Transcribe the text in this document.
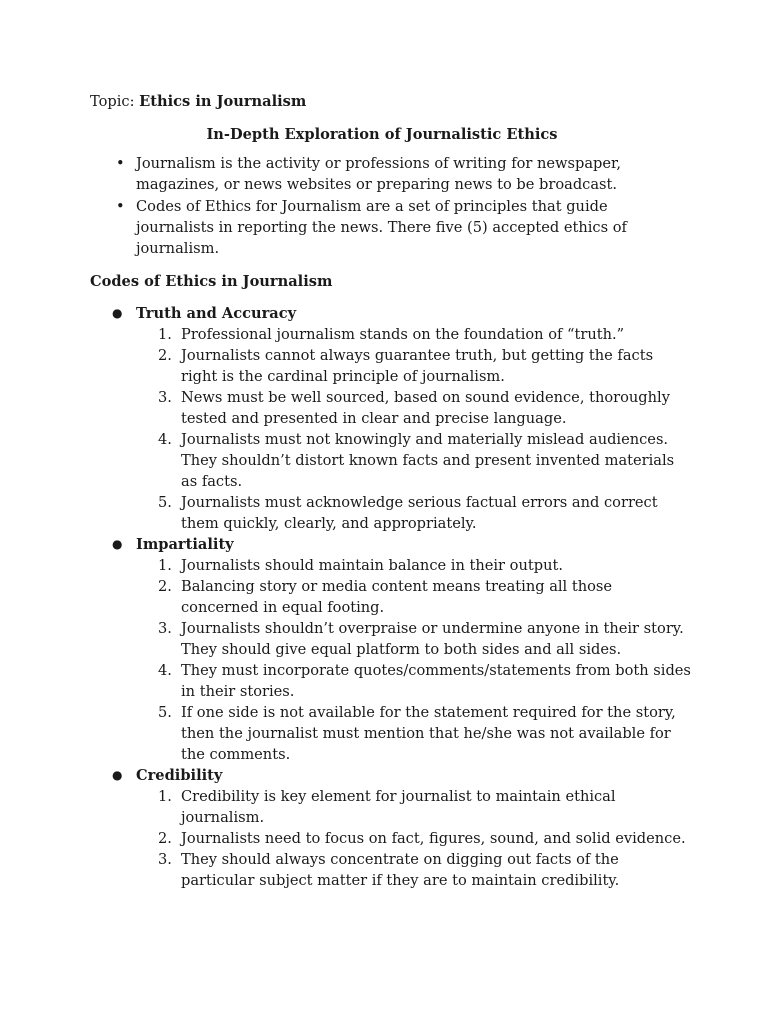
Topic: Ethics in Journalism

In-Depth Exploration of Journalistic Ethics
• Journalism is the activity or professions of writing for newspaper, magazines, or news websites or preparing news to be broadcast.
• Codes of Ethics for Journalism are a set of principles that guide journalists in reporting the news. There five (5) accepted ethics of journalism.
Codes of Ethics in Journalism
● Truth and Accuracy
1. Professional journalism stands on the foundation of “truth.”
2. Journalists cannot always guarantee truth, but getting the facts right is the cardinal principle of journalism.
3. News must be well sourced, based on sound evidence, thoroughly tested and presented in clear and precise language.
4. Journalists must not knowingly and materially mislead audiences. They shouldn’t distort known facts and present invented materials as facts.
5. Journalists must acknowledge serious factual errors and correct them quickly, clearly, and appropriately.
● Impartiality
1. Journalists should maintain balance in their output.
2. Balancing story or media content means treating all those concerned in equal footing.
3. Journalists shouldn’t overpraise or undermine anyone in their story. They should give equal platform to both sides and all sides.
4. They must incorporate quotes/comments/statements from both sides in their stories.
5. If one side is not available for the statement required for the story, then the journalist must mention that he/she was not available for the comments.
● Credibility
1. Credibility is key element for journalist to maintain ethical journalism.
2. Journalists need to focus on fact, figures, sound, and solid evidence.
3. They should always concentrate on digging out facts of the particular subject matter if they are to maintain credibility.
